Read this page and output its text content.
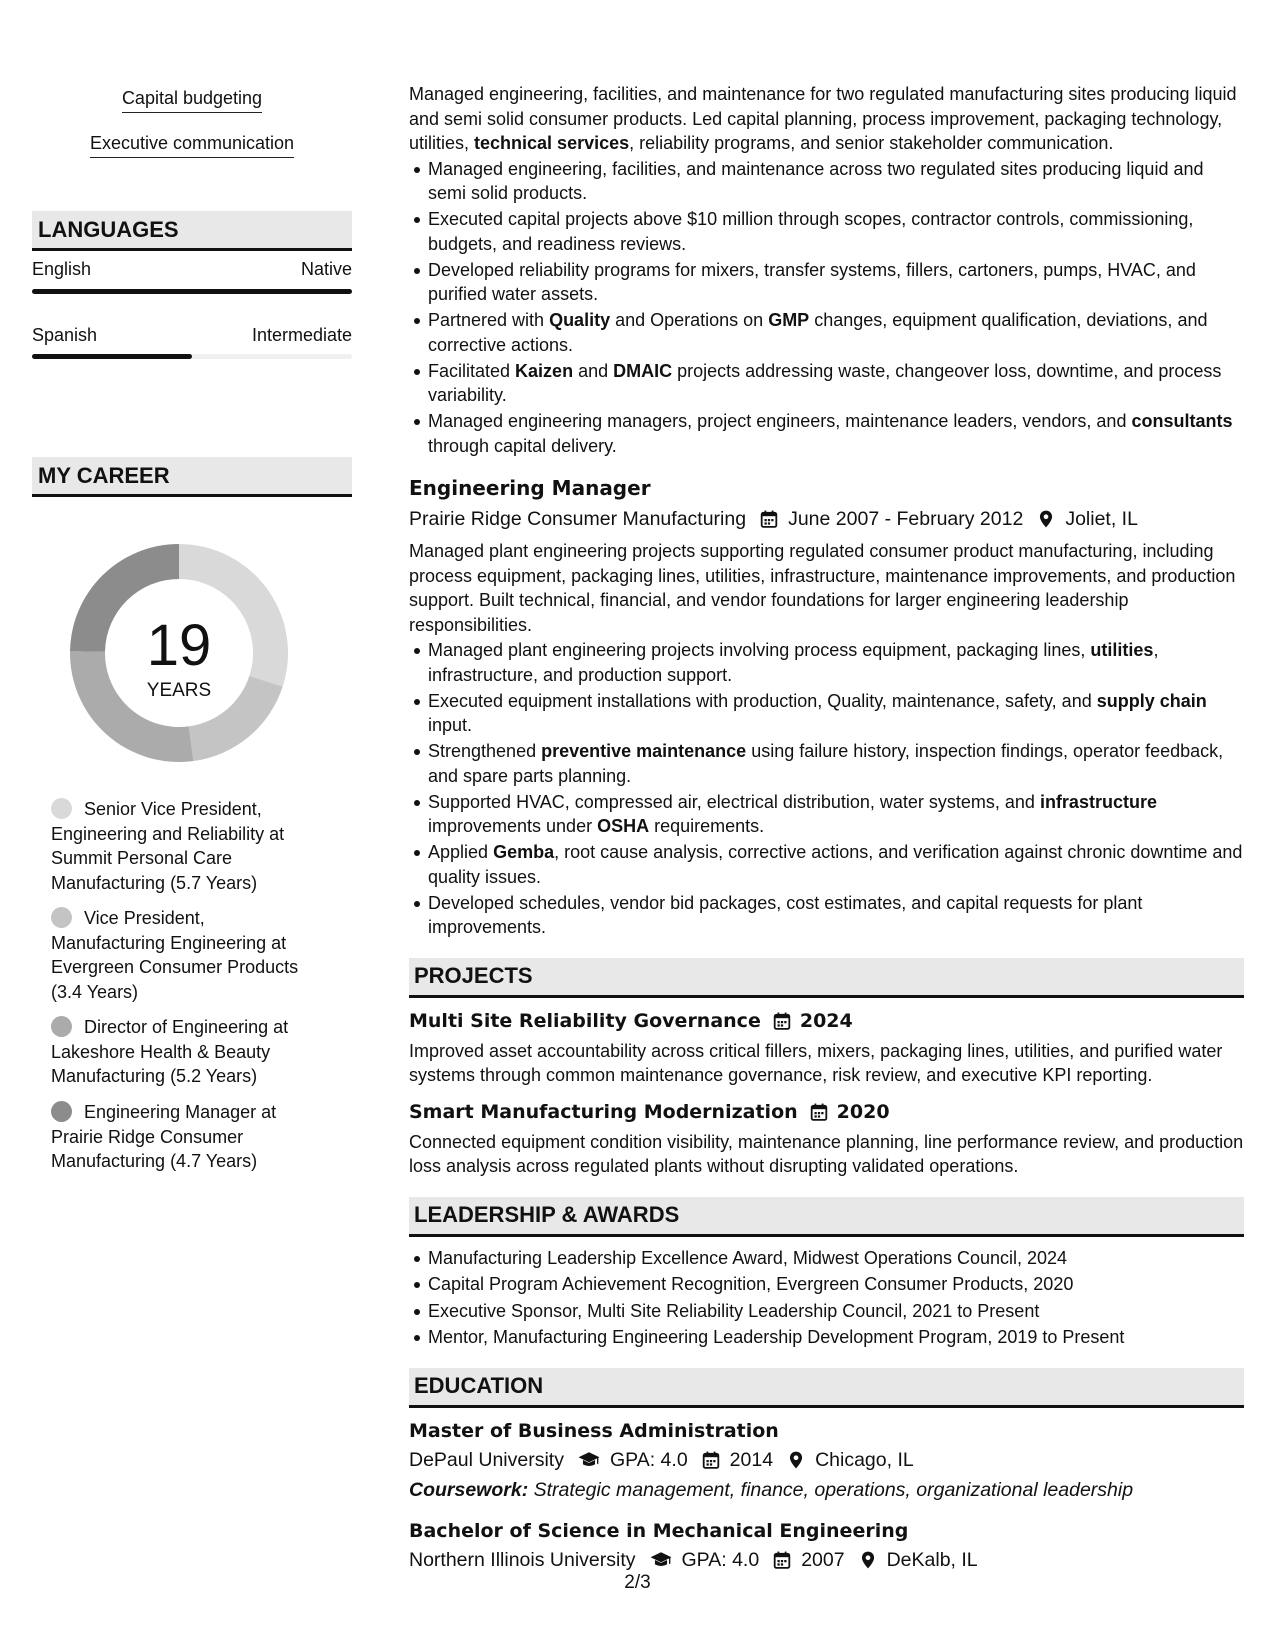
Capital budgeting
Executive communication
LANGUAGES
English	Native
Spanish	Intermediate
MY CAREER
19
YEARS
Senior Vice President, Engineering and Reliability at Summit Personal Care Manufacturing (5.7 Years)
Vice President, Manufacturing Engineering at Evergreen Consumer Products (3.4 Years)
Director of Engineering at Lakeshore Health & Beauty Manufacturing (5.2 Years)
Engineering Manager at Prairie Ridge Consumer Manufacturing (4.7 Years)

Managed engineering, facilities, and maintenance for two regulated manufacturing sites producing liquid and semi solid consumer products. Led capital planning, process improvement, packaging technology, utilities, technical services, reliability programs, and senior stakeholder communication.

Managed engineering, facilities, and maintenance across two regulated sites producing liquid and semi solid products.
Executed capital projects above $10 million through scopes, contractor controls, commissioning, budgets, and readiness reviews.
Developed reliability programs for mixers, transfer systems, fillers, cartoners, pumps, HVAC, and purified water assets.
Partnered with Quality and Operations on GMP changes, equipment qualification, deviations, and corrective actions.
Facilitated Kaizen and DMAIC projects addressing waste, changeover loss, downtime, and process variability.
Managed engineering managers, project engineers, maintenance leaders, vendors, and consultants through capital delivery.
Engineering Manager
Prairie Ridge Consumer Manufacturing June 2007 - February 2012 Joliet, IL

Managed plant engineering projects supporting regulated consumer product manufacturing, including process equipment, packaging lines, utilities, infrastructure, maintenance improvements, and production support. Built technical, financial, and vendor foundations for larger engineering leadership responsibilities.

Managed plant engineering projects involving process equipment, packaging lines, utilities, infrastructure, and production support.
Executed equipment installations with production, Quality, maintenance, safety, and supply chain input.
Strengthened preventive maintenance using failure history, inspection findings, operator feedback, and spare parts planning.
Supported HVAC, compressed air, electrical distribution, water systems, and infrastructure improvements under OSHA requirements.
Applied Gemba, root cause analysis, corrective actions, and verification against chronic downtime and quality issues.
Developed schedules, vendor bid packages, cost estimates, and capital requests for plant improvements.
PROJECTS
Multi Site Reliability Governance 2024

Improved asset accountability across critical fillers, mixers, packaging lines, utilities, and purified water systems through common maintenance governance, risk review, and executive KPI reporting.

Smart Manufacturing Modernization 2020

Connected equipment condition visibility, maintenance planning, line performance review, and production loss analysis across regulated plants without disrupting validated operations.

LEADERSHIP & AWARDS
Manufacturing Leadership Excellence Award, Midwest Operations Council, 2024
Capital Program Achievement Recognition, Evergreen Consumer Products, 2020
Executive Sponsor, Multi Site Reliability Leadership Council, 2021 to Present
Mentor, Manufacturing Engineering Leadership Development Program, 2019 to Present
EDUCATION
Master of Business Administration
DePaul University GPA: 4.0 2014 Chicago, IL
Coursework: Strategic management, finance, operations, organizational leadership
Bachelor of Science in Mechanical Engineering
Northern Illinois University GPA: 4.0 2007 DeKalb, IL
2/3
